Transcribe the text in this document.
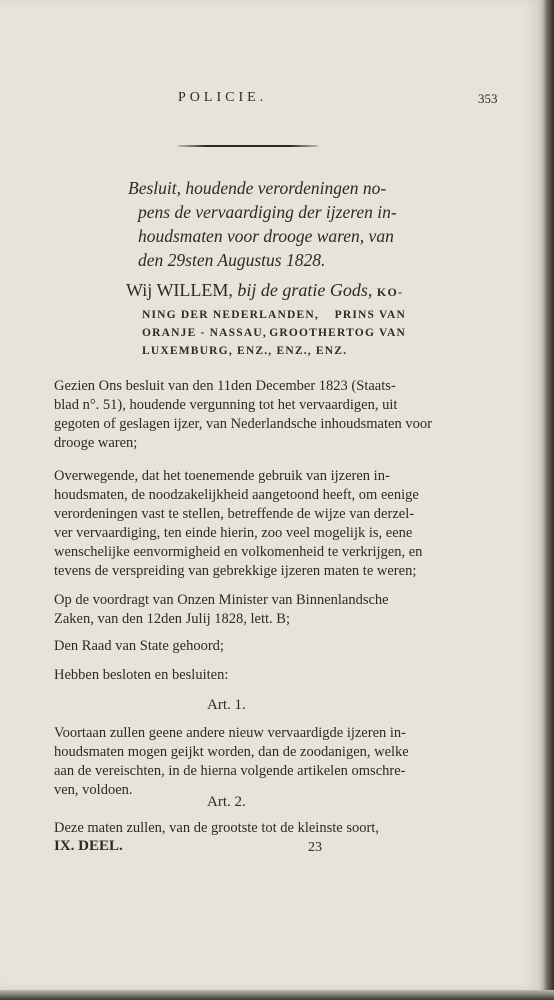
POLICIE.	353
Besluit, houdende verordeningen no-
pens de vervaardiging der ijzeren in-
houdsmaten voor drooge waren, van
den 29sten Augustus 1828.
Wij WILLEM, bij de gratie Gods, KO-
NING DER NEDERLANDEN, PRINS VAN
ORANJE - NASSAU, GROOTHERTOG VAN
LUXEMBURG, ENZ., ENZ., ENZ.
Gezien Ons besluit van den 11den December 1823 (Staats-
blad n°. 51), houdende vergunning tot het vervaardigen, uit
gegoten of geslagen ijzer, van Nederlandsche inhoudsmaten voor
drooge waren;
Overwegende, dat het toenemende gebruik van ijzeren in-
houdsmaten, de noodzakelijkheid aangetoond heeft, om eenige
verordeningen vast te stellen, betreffende de wijze van derzel-
ver vervaardiging, ten einde hierin, zoo veel mogelijk is, eene
wenschelijke eenvormigheid en volkomenheid te verkrijgen, en
tevens de verspreiding van gebrekkige ijzeren maten te weren;
Op de voordragt van Onzen Minister van Binnenlandsche
Zaken, van den 12den Julij 1828, lett. B;
Den Raad van State gehoord;
Hebben besloten en besluiten:
Art. 1.
Voortaan zullen geene andere nieuw vervaardigde ijzeren in-
houdsmaten mogen geijkt worden, dan de zoodanigen, welke
aan de vereischten, in de hierna volgende artikelen omschre-
ven, voldoen.
Art. 2.
Deze maten zullen, van de grootste tot de kleinste soort,
IX. DEEL.	23
